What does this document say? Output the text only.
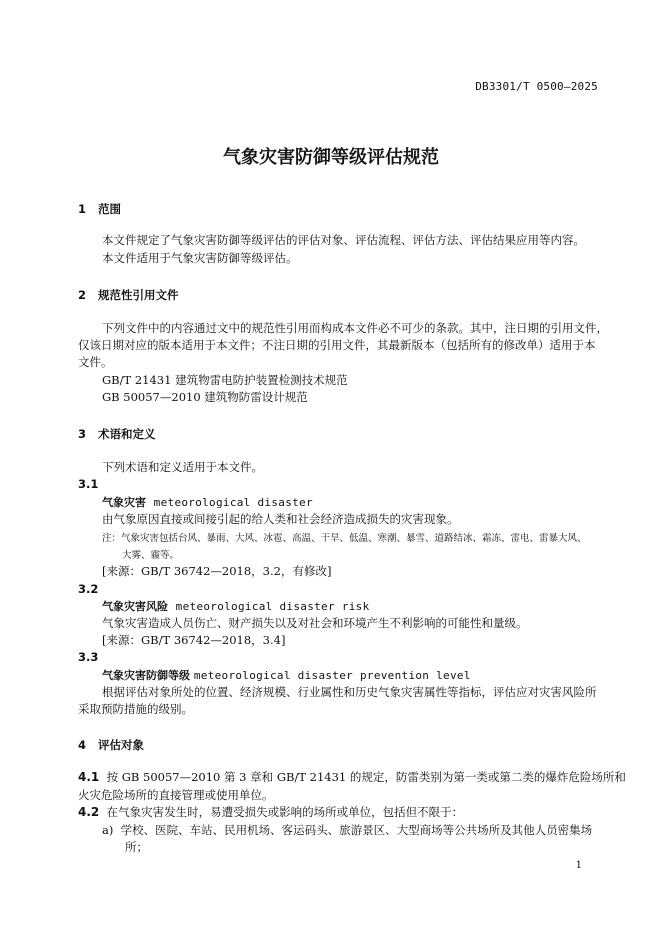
DB3301/T 0500—2025
气象灾害防御等级评估规范
1 范围
本文件规定了气象灾害防御等级评估的评估对象、评估流程、评估方法、评估结果应用等内容。
本文件适用于气象灾害防御等级评估。
2 规范性引用文件
下列文件中的内容通过文中的规范性引用而构成本文件必不可少的条款。其中，注日期的引用文件，
仅该日期对应的版本适用于本文件；不注日期的引用文件，其最新版本（包括所有的修改单）适用于本
文件。
GB/T 21431 建筑物雷电防护装置检测技术规范
GB 50057—2010 建筑物防雷设计规范
3 术语和定义
下列术语和定义适用于本文件。
3.1
气象灾害 meteorological disaster
由气象原因直接或间接引起的给人类和社会经济造成损失的灾害现象。
注：气象灾害包括台风、暴雨、大风、冰雹、高温、干旱、低温、寒潮、暴雪、道路结冰、霜冻、雷电、雷暴大风、
大雾、霾等。
[来源：GB/T 36742—2018，3.2，有修改]
3.2
气象灾害风险 meteorological disaster risk
气象灾害造成人员伤亡、财产损失以及对社会和环境产生不利影响的可能性和量级。
[来源：GB/T 36742—2018，3.4]
3.3
气象灾害防御等级 meteorological disaster prevention level
根据评估对象所处的位置、经济规模、行业属性和历史气象灾害属性等指标，评估应对灾害风险所
采取预防措施的级别。
4 评估对象
4.1 按 GB 50057—2010 第 3 章和 GB/T 21431 的规定，防雷类别为第一类或第二类的爆炸危险场所和
火灾危险场所的直接管理或使用单位。
4.2 在气象灾害发生时，易遭受损失或影响的场所或单位，包括但不限于：
a) 学校、医院、车站、民用机场、客运码头、旅游景区、大型商场等公共场所及其他人员密集场
所；
1
